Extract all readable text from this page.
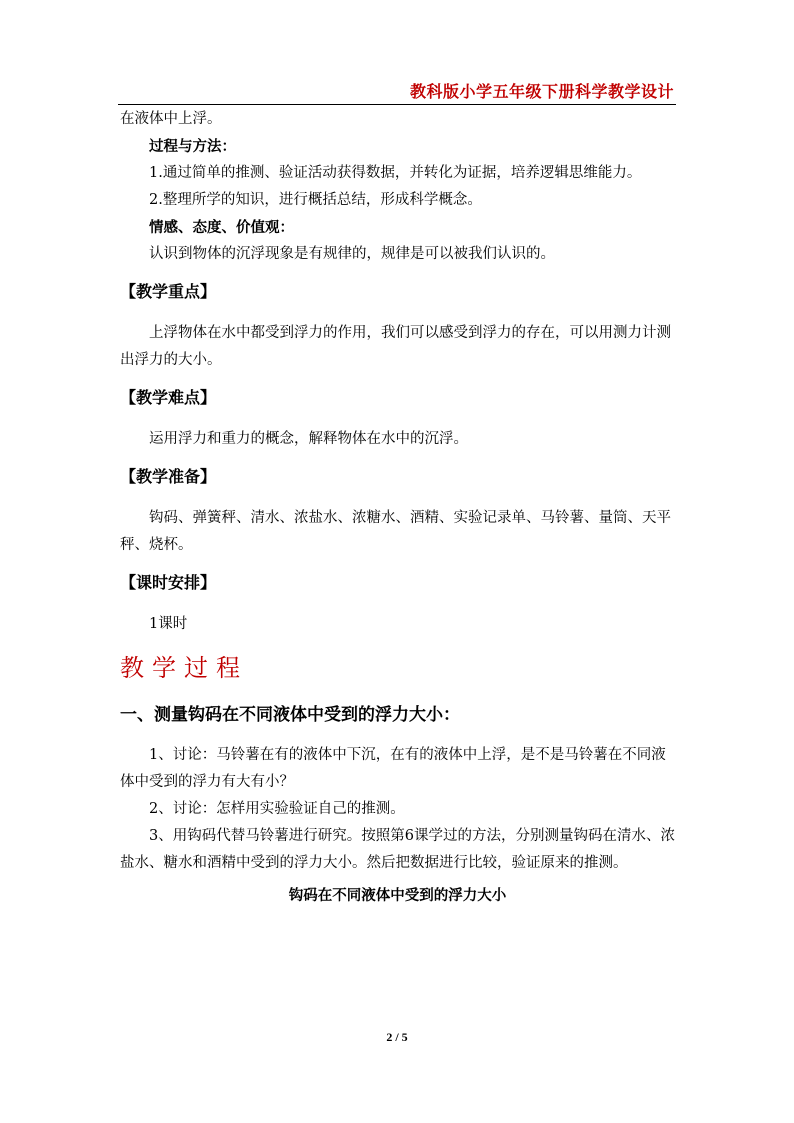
教科版小学五年级下册科学教学设计

在液体中上浮。

过程与方法：

1.通过简单的推测、验证活动获得数据，并转化为证据，培养逻辑思维能力。

2.整理所学的知识，进行概括总结，形成科学概念。

情感、态度、价值观：

认识到物体的沉浮现象是有规律的，规律是可以被我们认识的。

【教学重点】

上浮物体在水中都受到浮力的作用，我们可以感受到浮力的存在，可以用测力计测出浮力的大小。

【教学难点】

运用浮力和重力的概念，解释物体在水中的沉浮。

【教学准备】

钩码、弹簧秤、清水、浓盐水、浓糖水、酒精、实验记录单、马铃薯、量筒、天平秤、烧杯。

【课时安排】

1课时

教学过程
一、测量钩码在不同液体中受到的浮力大小：

1、讨论：马铃薯在有的液体中下沉，在有的液体中上浮，是不是马铃薯在不同液体中受到的浮力有大有小？

2、讨论：怎样用实验验证自己的推测。

3、用钩码代替马铃薯进行研究。按照第6课学过的方法，分别测量钩码在清水、浓盐水、糖水和酒精中受到的浮力大小。然后把数据进行比较，验证原来的推测。

钩码在不同液体中受到的浮力大小
2 / 5
